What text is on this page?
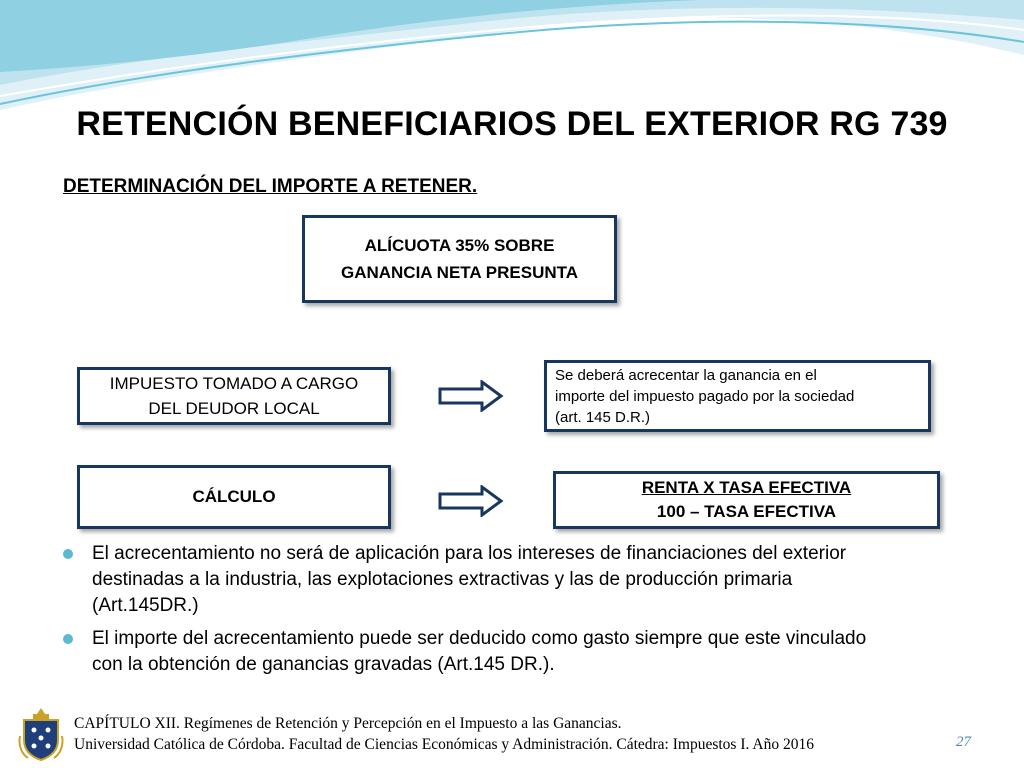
RETENCIÓN BENEFICIARIOS DEL EXTERIOR RG 739
DETERMINACIÓN DEL IMPORTE A RETENER.
ALÍCUOTA 35% SOBRE
GANANCIA NETA PRESUNTA
IMPUESTO TOMADO A CARGO
DEL DEUDOR LOCAL
Se deberá acrecentar la ganancia en el
importe del impuesto pagado por la sociedad
(art. 145 D.R.)
CÁLCULO	RENTA X TASA EFECTIVA
100 – TASA EFECTIVA
El acrecentamiento no será de aplicación para los intereses de financiaciones del exterior
destinadas a la industria, las explotaciones extractivas y las de producción primaria
(Art.145DR.)
El importe del acrecentamiento puede ser deducido como gasto siempre que este vinculado
con la obtención de ganancias gravadas (Art.145 DR.).
CAPÍTULO XII. Regímenes de Retención y Percepción en el Impuesto a las Ganancias.
Universidad Católica de Córdoba. Facultad de Ciencias Económicas y Administración. Cátedra: Impuestos I. Año 2016	27
